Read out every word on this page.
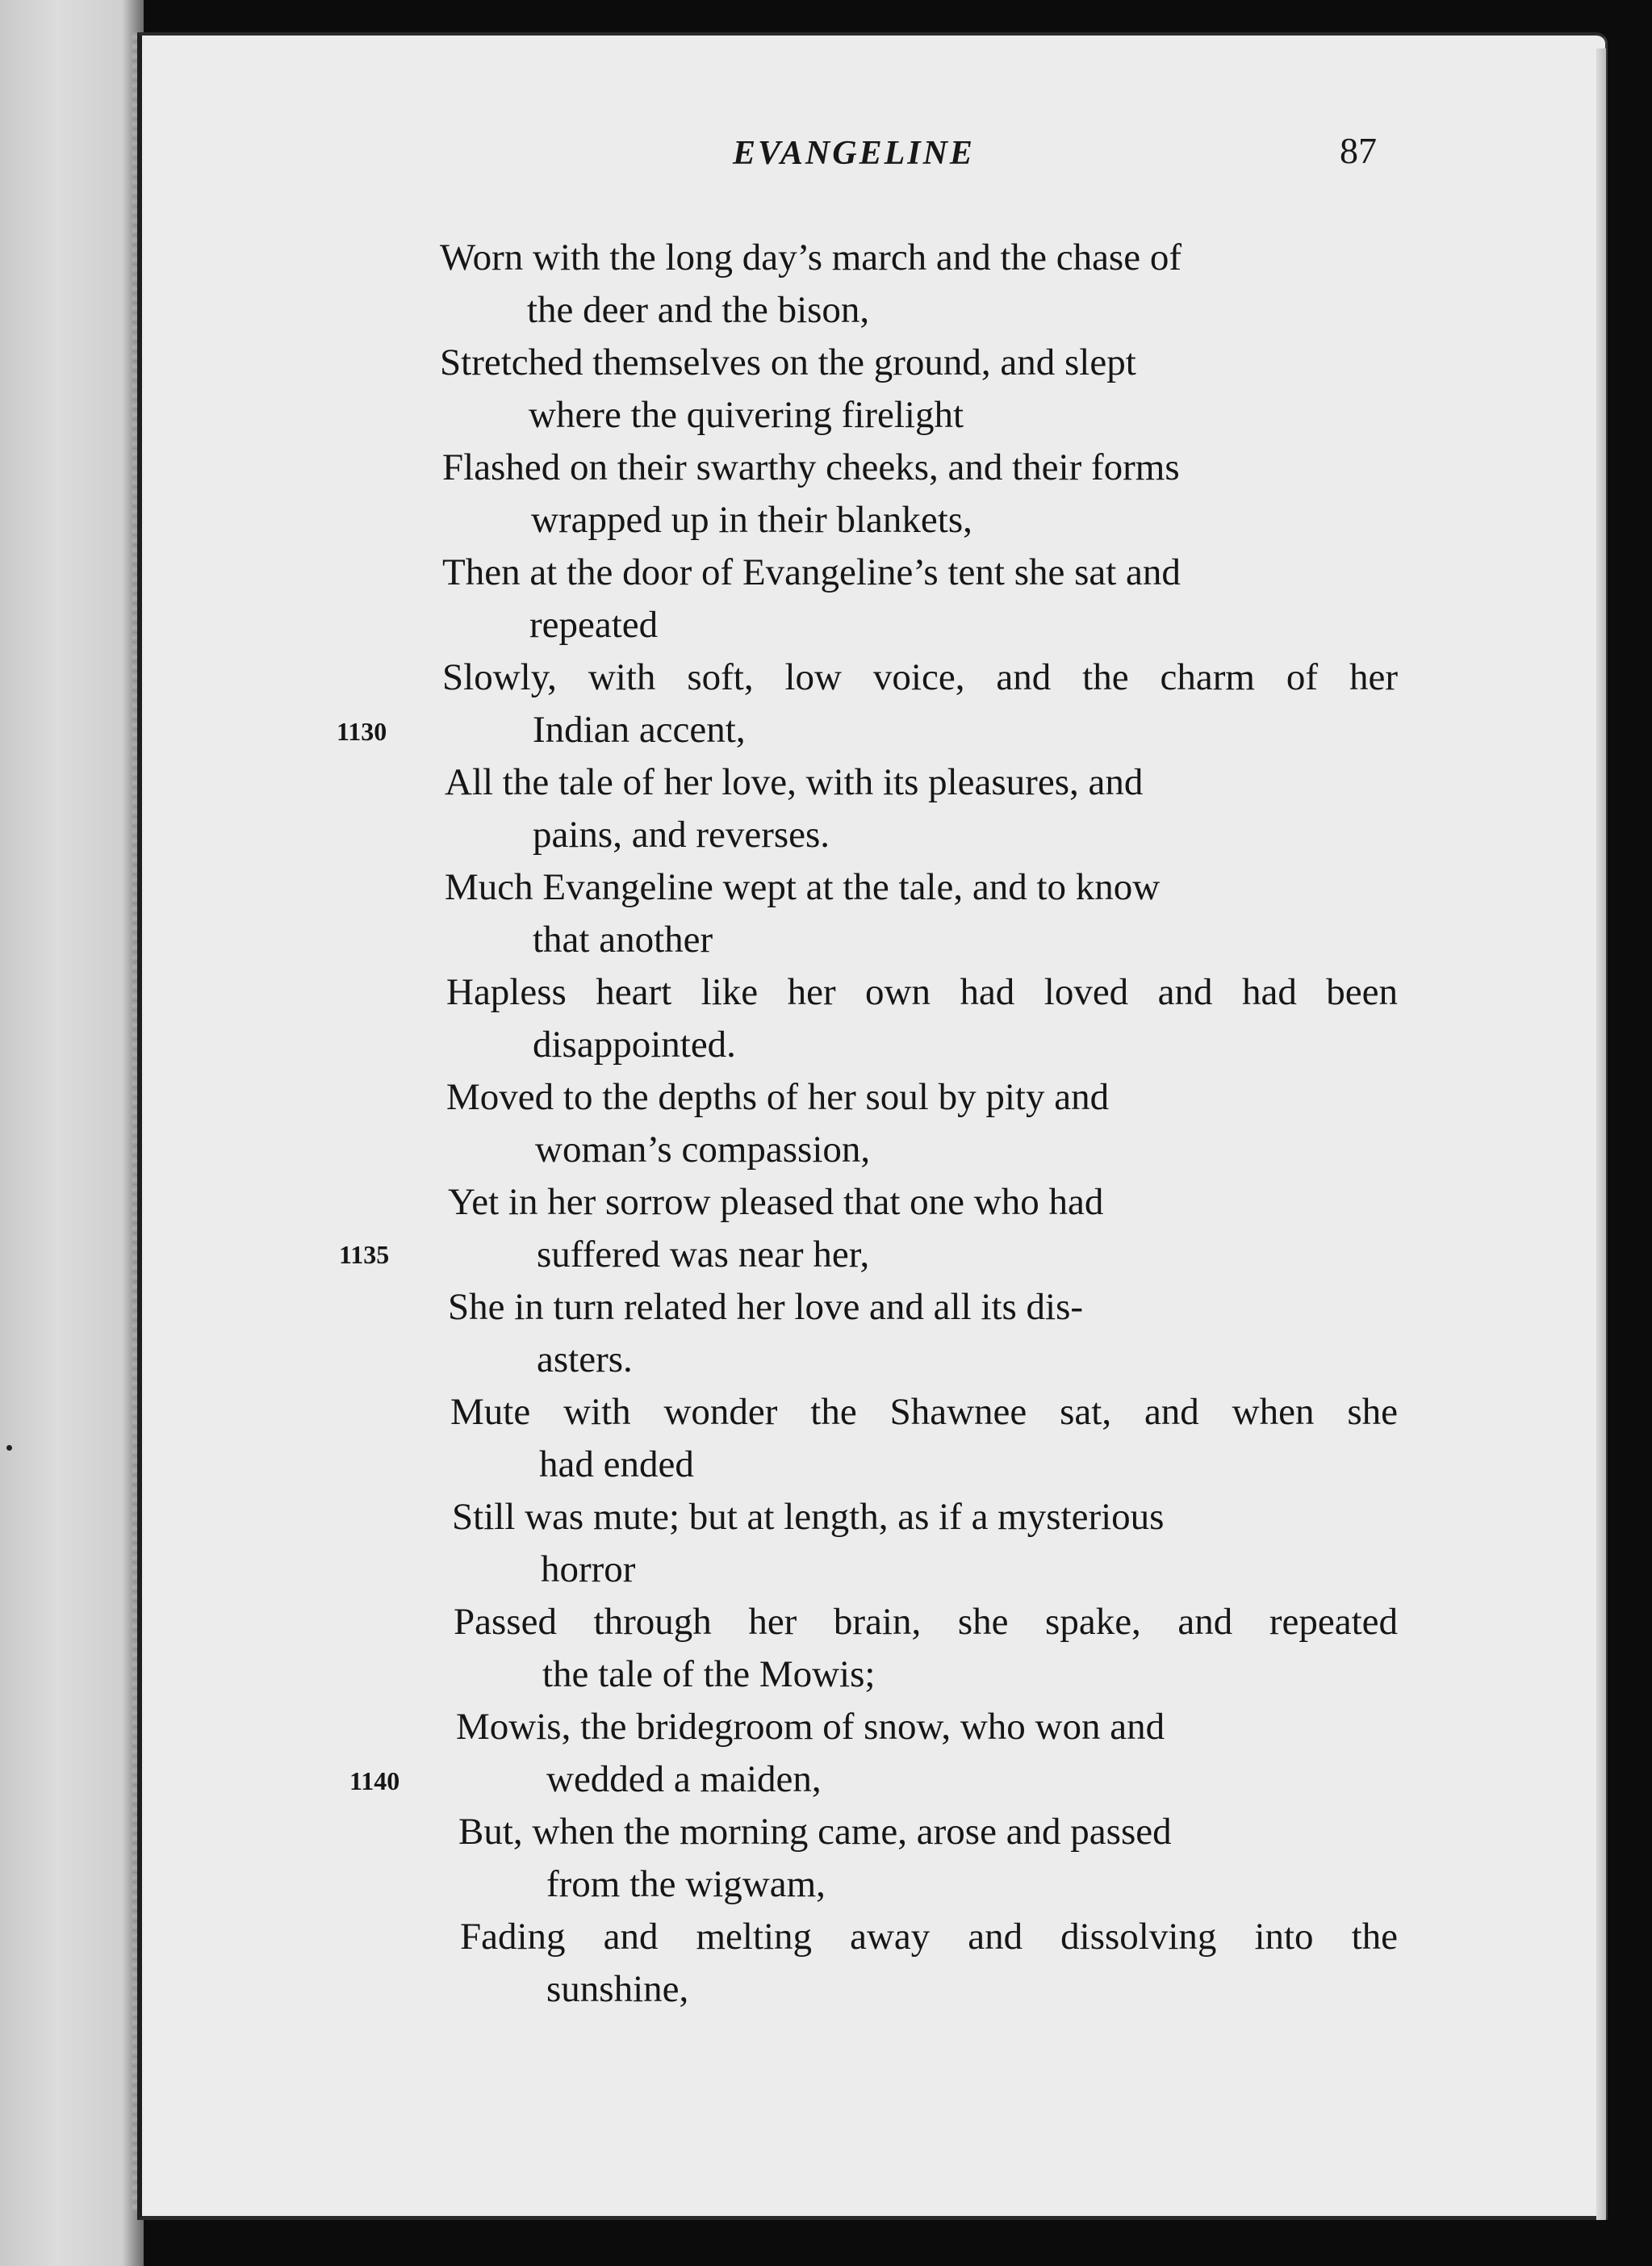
EVANGELINE	87
Worn with the long day’s march and the chase of
the deer and the bison,
Stretched themselves on the ground, and slept
where the quivering firelight
Flashed on their swarthy cheeks, and their forms
wrapped up in their blankets,
Then at the door of Evangeline’s tent she sat and
repeated
Slowly, with soft, low voice, and the charm of her
Indian accent,
All the tale of her love, with its pleasures, and
pains, and reverses.
Much Evangeline wept at the tale, and to know
that another
Hapless heart like her own had loved and had been
disappointed.
Moved to the depths of her soul by pity and
woman’s compassion,
Yet in her sorrow pleased that one who had
suffered was near her,
She in turn related her love and all its dis-
asters.
Mute with wonder the Shawnee sat, and when she
had ended
Still was mute; but at length, as if a mysterious
horror
Passed through her brain, she spake, and repeated
the tale of the Mowis;
Mowis, the bridegroom of snow, who won and
wedded a maiden,
But, when the morning came, arose and passed
from the wigwam,
Fading and melting away and dissolving into the
sunshine,
1130
1135
1140
